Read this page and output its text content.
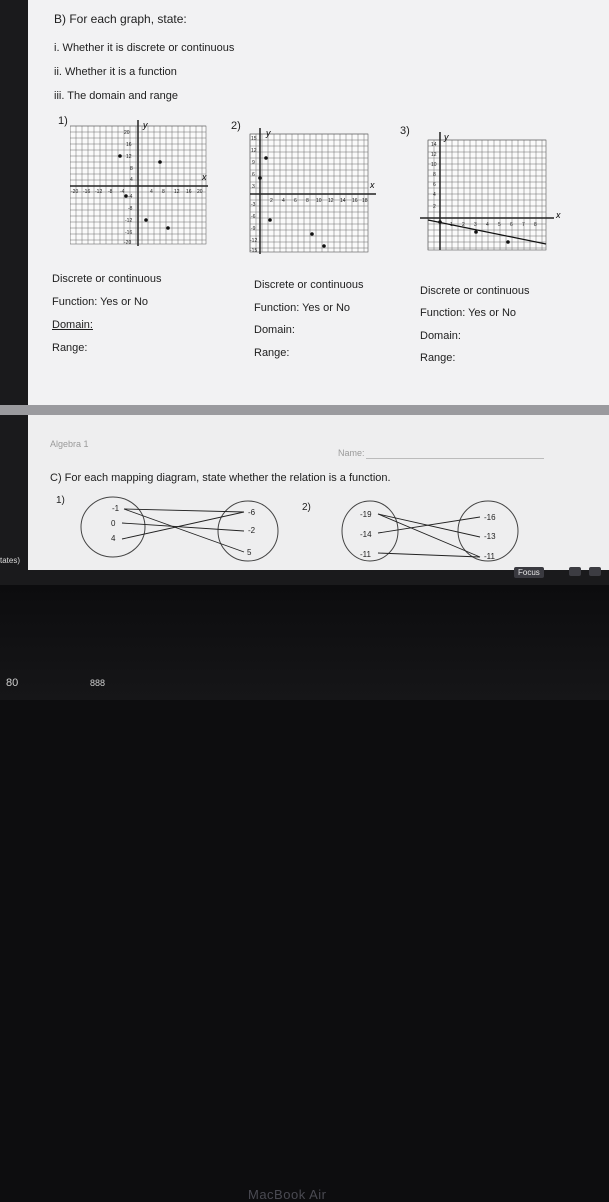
B) For each graph, state:
i. Whether it is discrete or continuous
ii. Whether it is a function
iii. The domain and range
1)	2)	3)
y
x
20
16
12
8
4
-4
-8
-12
-16
-20
-20 -16 -12 -8 -4	4 8 12 16 20
y
x
15
12
9
6
3
-3
-6
-9
-12
-15
2 4 6 8 10 12 14 16 18
y
x
14
12
10
8
6
4
2
2 3 4 5 6 7 8
Discrete or continuous
Function: Yes or No
Domain:
Range:
Discrete or continuous
Function: Yes or No
Domain:
Range:
Discrete or continuous
Function: Yes or No
Domain:
Range:
Algebra 1
Name:
C) For each mapping diagram, state whether the relation is a function.
1)
2)
-1
0
4
-6
-2
5
-19
-14
-11
-16
-13
-11
tates)
Focus
MacBook Air
80	888
